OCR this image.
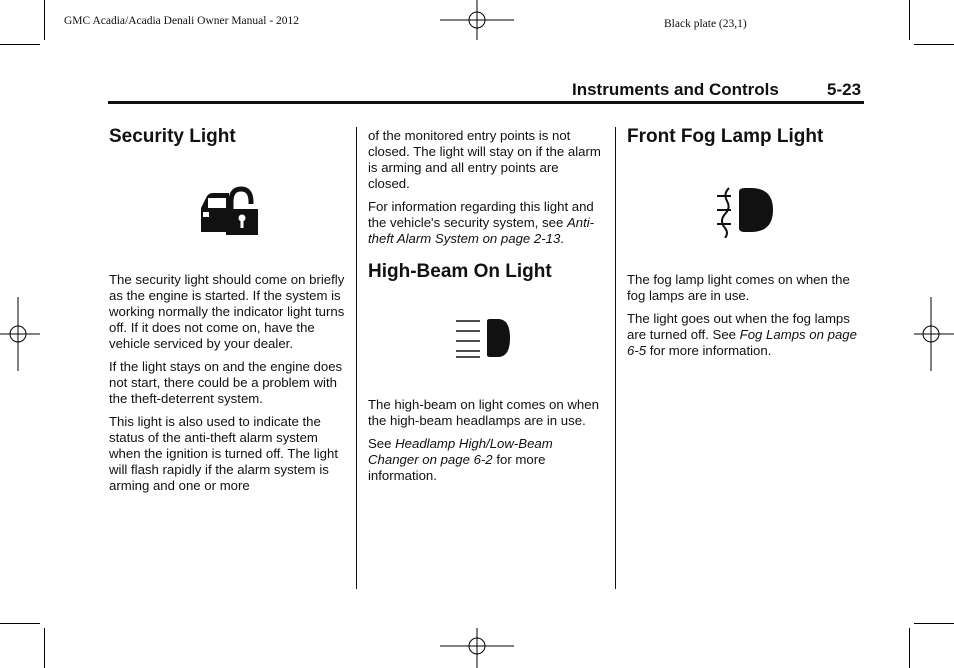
GMC Acadia/Acadia Denali Owner Manual - 2012	Black plate (23,1)
Instruments and Controls	5-23
Security Light

The security light should come on briefly as the engine is started. If the system is working normally the indicator light turns off. If it does not come on, have the vehicle serviced by your dealer.

If the light stays on and the engine does not start, there could be a problem with the theft-deterrent system.

This light is also used to indicate the status of the anti-theft alarm system when the ignition is turned off. The light will flash rapidly if the alarm system is arming and one or more

of the monitored entry points is not closed. The light will stay on if the alarm is arming and all entry points are closed.

For information regarding this light and the vehicle's security system, see Anti-theft Alarm System on page 2-13.

High-Beam On Light

The high-beam on light comes on when the high-beam headlamps are in use.

See Headlamp High/Low-Beam Changer on page 6-2 for more information.

Front Fog Lamp Light

The fog lamp light comes on when the fog lamps are in use.

The light goes out when the fog lamps are turned off. See Fog Lamps on page 6-5 for more information.
